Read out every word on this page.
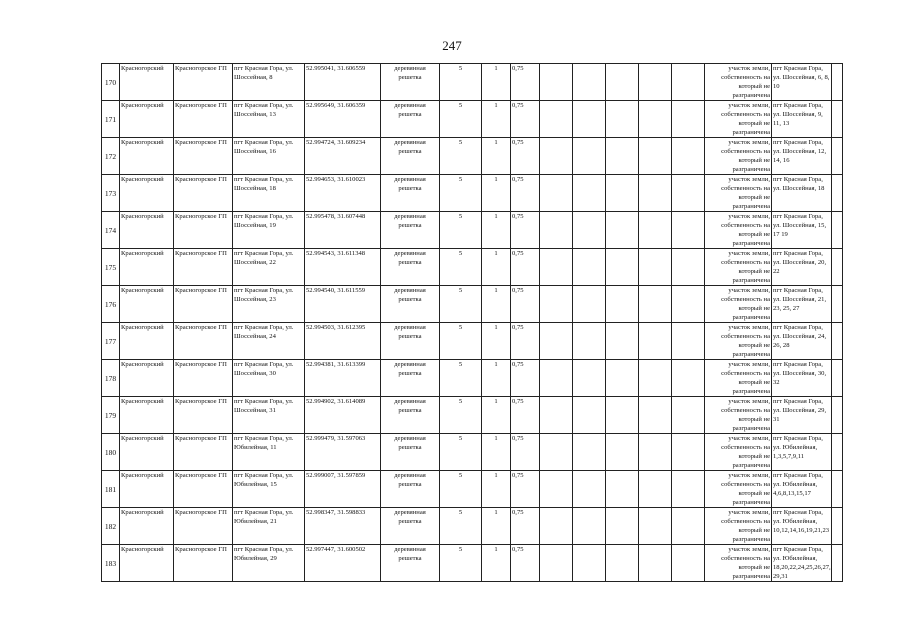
247
170	Красногорский	Красногорское ГП	пгт Красная Гора, ул. Шоссейная, 8	52.995041, 31.606559	деревянная решетка	5	1	0,75						участок земли, собственность на который не разграничена	пгт Красная Гора, ул. Шоссейная, 6, 8, 10	
171	Красногорский	Красногорское ГП	пгт Красная Гора, ул. Шоссейная, 13	52.995649, 31.606359	деревянная решетка	5	1	0,75						участок земли, собственность на который не разграничена	пгт Красная Гора, ул. Шоссейная, 9, 11, 13	
172	Красногорский	Красногорское ГП	пгт Красная Гора, ул. Шоссейная, 16	52.994724, 31.609234	деревянная решетка	5	1	0,75						участок земли, собственность на который не разграничена	пгт Красная Гора, ул. Шоссейная, 12, 14, 16	
173	Красногорский	Красногорское ГП	пгт Красная Гора, ул. Шоссейная, 18	52.994653, 31.610023	деревянная решетка	5	1	0,75						участок земли, собственность на который не разграничена	пгт Красная Гора, ул. Шоссейная, 18	
174	Красногорский	Красногорское ГП	пгт Красная Гора, ул. Шоссейная, 19	52.995478, 31.607448	деревянная решетка	5	1	0,75						участок земли, собственность на который не разграничена	пгт Красная Гора, ул. Шоссейная, 15, 17 19	
175	Красногорский	Красногорское ГП	пгт Красная Гора, ул. Шоссейная, 22	52.994543, 31.611348	деревянная решетка	5	1	0,75						участок земли, собственность на который не разграничена	пгт Красная Гора, ул. Шоссейная, 20, 22	
176	Красногорский	Красногорское ГП	пгт Красная Гора, ул. Шоссейная, 23	52.994540, 31.611559	деревянная решетка	5	1	0,75						участок земли, собственность на который не разграничена	пгт Красная Гора, ул. Шоссейная, 21, 23, 25, 27	
177	Красногорский	Красногорское ГП	пгт Красная Гора, ул. Шоссейная, 24	52.994503, 31.612395	деревянная решетка	5	1	0,75						участок земли, собственность на который не разграничена	пгт Красная Гора, ул. Шоссейная, 24, 26, 28	
178	Красногорский	Красногорское ГП	пгт Красная Гора, ул. Шоссейная, 30	52.994381, 31.613399	деревянная решетка	5	1	0,75						участок земли, собственность на который не разграничена	пгт Красная Гора, ул. Шоссейная, 30, 32	
179	Красногорский	Красногорское ГП	пгт Красная Гора, ул. Шоссейная, 31	52.994902, 31.614089	деревянная решетка	5	1	0,75						участок земли, собственность на который не разграничена	пгт Красная Гора, ул. Шоссейная, 29, 31	
180	Красногорский	Красногорское ГП	пгт Красная Гора, ул. Юбилейная, 11	52.999479, 31.597063	деревянная решетка	5	1	0,75						участок земли, собственность на который не разграничена	пгт Красная Гора, ул. Юбилейная, 1,3,5,7,9,11	
181	Красногорский	Красногорское ГП	пгт Красная Гора, ул. Юбилейная, 15	52.999007, 31.597859	деревянная решетка	5	1	0,75						участок земли, собственность на который не разграничена	пгт Красная Гора, ул. Юбилейная, 4,6,8,13,15,17	
182	Красногорский	Красногорское ГП	пгт Красная Гора, ул. Юбилейная, 21	52.998347, 31.598833	деревянная решетка	5	1	0,75						участок земли, собственность на который не разграничена	пгт Красная Гора, ул. Юбилейная, 10,12,14,16,19,21,23	
183	Красногорский	Красногорское ГП	пгт Красная Гора, ул. Юбилейная, 29	52.997447, 31.600502	деревянная решетка	5	1	0,75						участок земли, собственность на который не разграничена	пгт Красная Гора, ул. Юбилейная, 18,20,22,24,25,26,27, 29,31	
